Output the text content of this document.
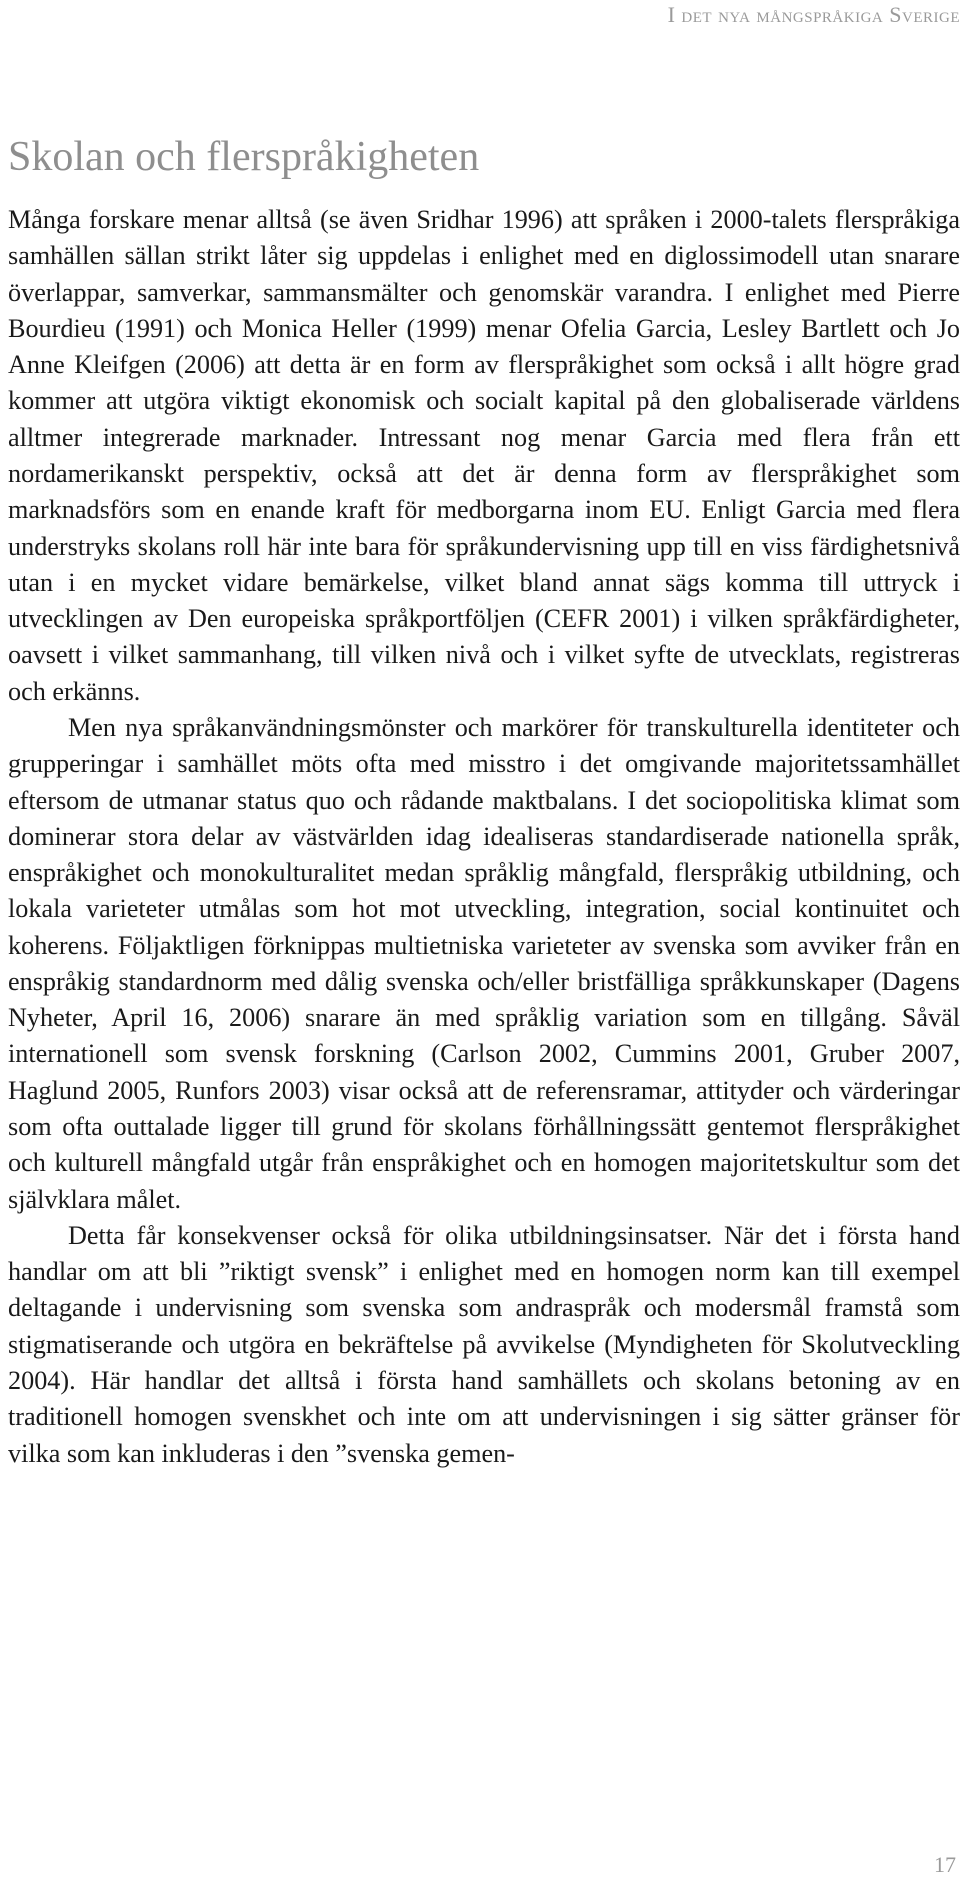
I det nya mångspråkiga Sverige
Skolan och flerspråkigheten

Många forskare menar alltså (se även Sridhar 1996) att språken i 2000-talets flerspråkiga samhällen sällan strikt låter sig uppdelas i enlighet med en diglossimodell utan snarare överlappar, samverkar, sammansmälter och genomskär varandra. I enlighet med Pierre Bourdieu (1991) och Monica Heller (1999) menar Ofelia Garcia, Lesley Bartlett och Jo Anne Kleifgen (2006) att detta är en form av flerspråkighet som också i allt högre grad kommer att utgöra viktigt ekonomisk och socialt kapital på den globaliserade världens alltmer integrerade marknader. Intressant nog menar Garcia med flera från ett nordamerikanskt perspektiv, också att det är denna form av flerspråkighet som marknadsförs som en enande kraft för medborgarna inom EU. Enligt Garcia med flera understryks skolans roll här inte bara för språkundervisning upp till en viss färdighetsnivå utan i en mycket vidare bemärkelse, vilket bland annat sägs komma till uttryck i utvecklingen av Den europeiska språkportföljen (CEFR 2001) i vilken språkfärdigheter, oavsett i vilket sammanhang, till vilken nivå och i vilket syfte de utvecklats, registreras och erkänns.

Men nya språkanvändningsmönster och markörer för transkulturella identiteter och grupperingar i samhället möts ofta med misstro i det omgivande majoritetssamhället eftersom de utmanar status quo och rådande maktbalans. I det sociopolitiska klimat som dominerar stora delar av västvärlden idag idealiseras standardiserade nationella språk, enspråkighet och monokulturalitet medan språklig mångfald, flerspråkig utbildning, och lokala varieteter utmålas som hot mot utveckling, integration, social kontinuitet och koherens. Följaktligen förknippas multietniska varieteter av svenska som avviker från en enspråkig standardnorm med dålig svenska och/eller bristfälliga språkkunskaper (Dagens Nyheter, April 16, 2006) snarare än med språklig variation som en tillgång. Såväl internationell som svensk forskning (Carlson 2002, Cummins 2001, Gruber 2007, Haglund 2005, Runfors 2003) visar också att de referensramar, attityder och värderingar som ofta outtalade ligger till grund för skolans förhållningssätt gentemot flerspråkighet och kulturell mångfald utgår från enspråkighet och en homogen majoritetskultur som det självklara målet.

Detta får konsekvenser också för olika utbildningsinsatser. När det i första hand handlar om att bli ”riktigt svensk” i enlighet med en homogen norm kan till exempel deltagande i undervisning som svenska som andraspråk och modersmål framstå som stigmatiserande och utgöra en bekräftelse på avvikelse (Myndigheten för Skolutveckling 2004). Här handlar det alltså i första hand samhällets och skolans betoning av en traditionell homogen svenskhet och inte om att undervisningen i sig sätter gränser för vilka som kan inkluderas i den ”svenska gemen-

17
